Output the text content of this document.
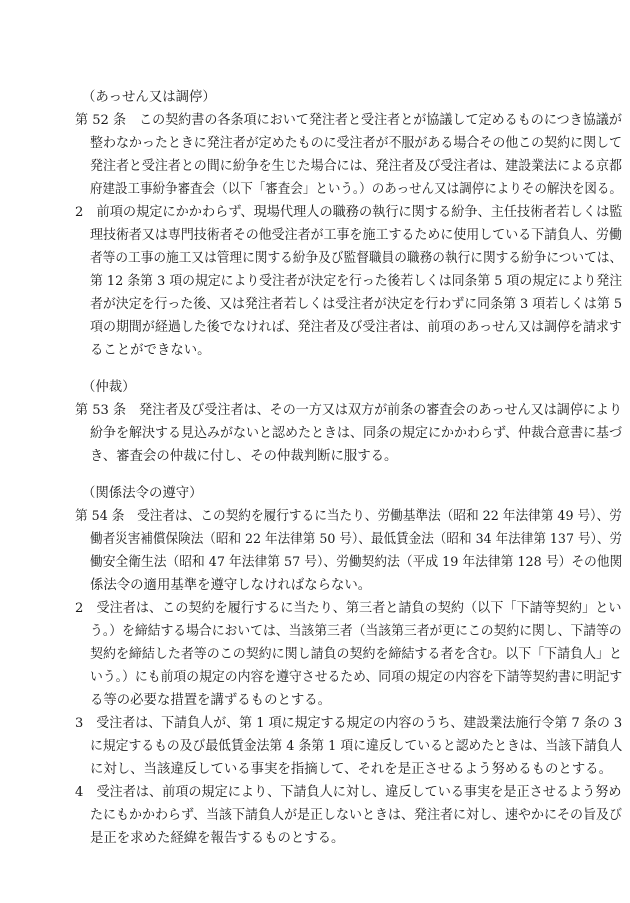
（あっせん又は調停）
第 52 条　この契約書の各条項において発注者と受注者とが協議して定めるものにつき協議が
整わなかったときに発注者が定めたものに受注者が不服がある場合その他この契約に関して
発注者と受注者との間に紛争を生じた場合には、発注者及び受注者は、建設業法による京都
府建設工事紛争審査会（以下「審査会」という。）のあっせん又は調停によりその解決を図る。
2　前項の規定にかかわらず、現場代理人の職務の執行に関する紛争、主任技術者若しくは監
理技術者又は専門技術者その他受注者が工事を施工するために使用している下請負人、労働
者等の工事の施工又は管理に関する紛争及び監督職員の職務の執行に関する紛争については、
第 12 条第 3 項の規定により受注者が決定を行った後若しくは同条第 5 項の規定により発注
者が決定を行った後、又は発注者若しくは受注者が決定を行わずに同条第 3 項若しくは第 5
項の期間が経過した後でなければ、発注者及び受注者は、前項のあっせん又は調停を請求す
ることができない。
（仲裁）
第 53 条　発注者及び受注者は、その一方又は双方が前条の審査会のあっせん又は調停により
紛争を解決する見込みがないと認めたときは、同条の規定にかかわらず、仲裁合意書に基づ
き、審査会の仲裁に付し、その仲裁判断に服する。
（関係法令の遵守）
第 54 条　受注者は、この契約を履行するに当たり、労働基準法（昭和 22 年法律第 49 号）、労
働者災害補償保険法（昭和 22 年法律第 50 号）、最低賃金法（昭和 34 年法律第 137 号）、労
働安全衛生法（昭和 47 年法律第 57 号）、労働契約法（平成 19 年法律第 128 号）その他関
係法令の適用基準を遵守しなければならない。
2　受注者は、この契約を履行するに当たり、第三者と請負の契約（以下「下請等契約」とい
う。）を締結する場合においては、当該第三者（当該第三者が更にこの契約に関し、下請等の
契約を締結した者等のこの契約に関し請負の契約を締結する者を含む。以下「下請負人」と
いう。）にも前項の規定の内容を遵守させるため、同項の規定の内容を下請等契約書に明記す
る等の必要な措置を講ずるものとする。
3　受注者は、下請負人が、第 1 項に規定する規定の内容のうち、建設業法施行令第 7 条の 3
に規定するもの及び最低賃金法第 4 条第 1 項に違反していると認めたときは、当該下請負人
に対し、当該違反している事実を指摘して、それを是正させるよう努めるものとする。
4　受注者は、前項の規定により、下請負人に対し、違反している事実を是正させるよう努め
たにもかかわらず、当該下請負人が是正しないときは、発注者に対し、速やかにその旨及び
是正を求めた経緯を報告するものとする。
